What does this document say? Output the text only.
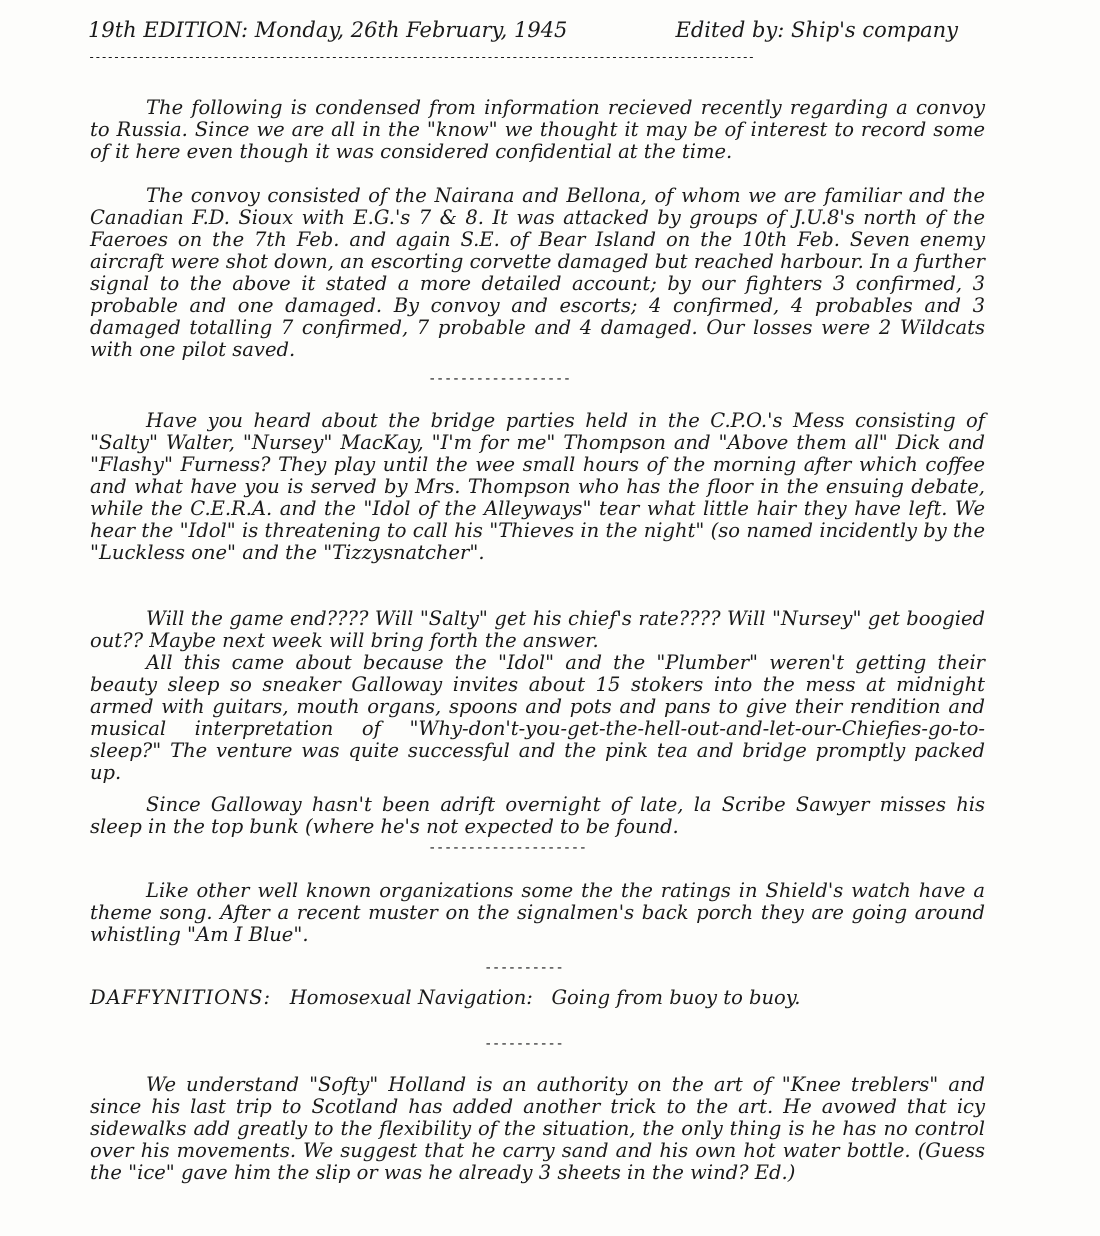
19th EDITION: Monday, 26th February, 1945	Edited by: Ship's company
-----------------------------------------------------------------------------------------------------------

The following is condensed from information recieved recently regarding a convoy to Russia. Since we are all in the "know" we thought it may be of interest to record some of it here even though it was considered confidential at the time.

The convoy consisted of the Nairana and Bellona, of whom we are familiar and the Canadian F.D. Sioux with E.G.'s 7 & 8. It was attacked by groups of J.U.8's north of the Faeroes on the 7th Feb. and again S.E. of Bear Island on the 10th Feb. Seven enemy aircraft were shot down, an escorting corvette damaged but reached harbour. In a further signal to the above it stated a more detailed account; by our fighters 3 confirmed, 3 probable and one damaged. By convoy and escorts; 4 confirmed, 4 probables and 3 damaged totalling 7 confirmed, 7 probable and 4 damaged. Our losses were 2 Wildcats with one pilot saved.

------------------

Have you heard about the bridge parties held in the C.P.O.'s Mess consisting of "Salty" Walter, "Nursey" MacKay, "I'm for me" Thompson and "Above them all" Dick and "Flashy" Furness? They play until the wee small hours of the morning after which coffee and what have you is served by Mrs. Thompson who has the floor in the ensuing debate, while the C.E.R.A. and the "Idol of the Alleyways" tear what little hair they have left. We hear the "Idol" is threatening to call his "Thieves in the night" (so named incidently by the "Luckless one" and the "Tizzysnatcher".

Will the game end???? Will "Salty" get his chief's rate???? Will "Nursey" get boogied out?? Maybe next week will bring forth the answer.

All this came about because the "Idol" and the "Plumber" weren't getting their beauty sleep so sneaker Galloway invites about 15 stokers into the mess at midnight armed with guitars, mouth organs, spoons and pots and pans to give their rendition and musical interpretation of "Why-don't-you-get-the-hell-out-and-let-our-Chiefies-go-to-sleep?" The venture was quite successful and the pink tea and bridge promptly packed up.

Since Galloway hasn't been adrift overnight of late, la Scribe Sawyer misses his sleep in the top bunk (where he's not expected to be found.

--------------------

Like other well known organizations some the the ratings in Shield's watch have a theme song. After a recent muster on the signalmen's back porch they are going around whistling "Am I Blue".

----------
DAFFYNITIONS: Homosexual Navigation: Going from buoy to buoy.
----------

We understand "Softy" Holland is an authority on the art of "Knee treblers" and since his last trip to Scotland has added another trick to the art. He avowed that icy sidewalks add greatly to the flexibility of the situation, the only thing is he has no control over his movements. We suggest that he carry sand and his own hot water bottle. (Guess the "ice" gave him the slip or was he already 3 sheets in the wind? Ed.)
